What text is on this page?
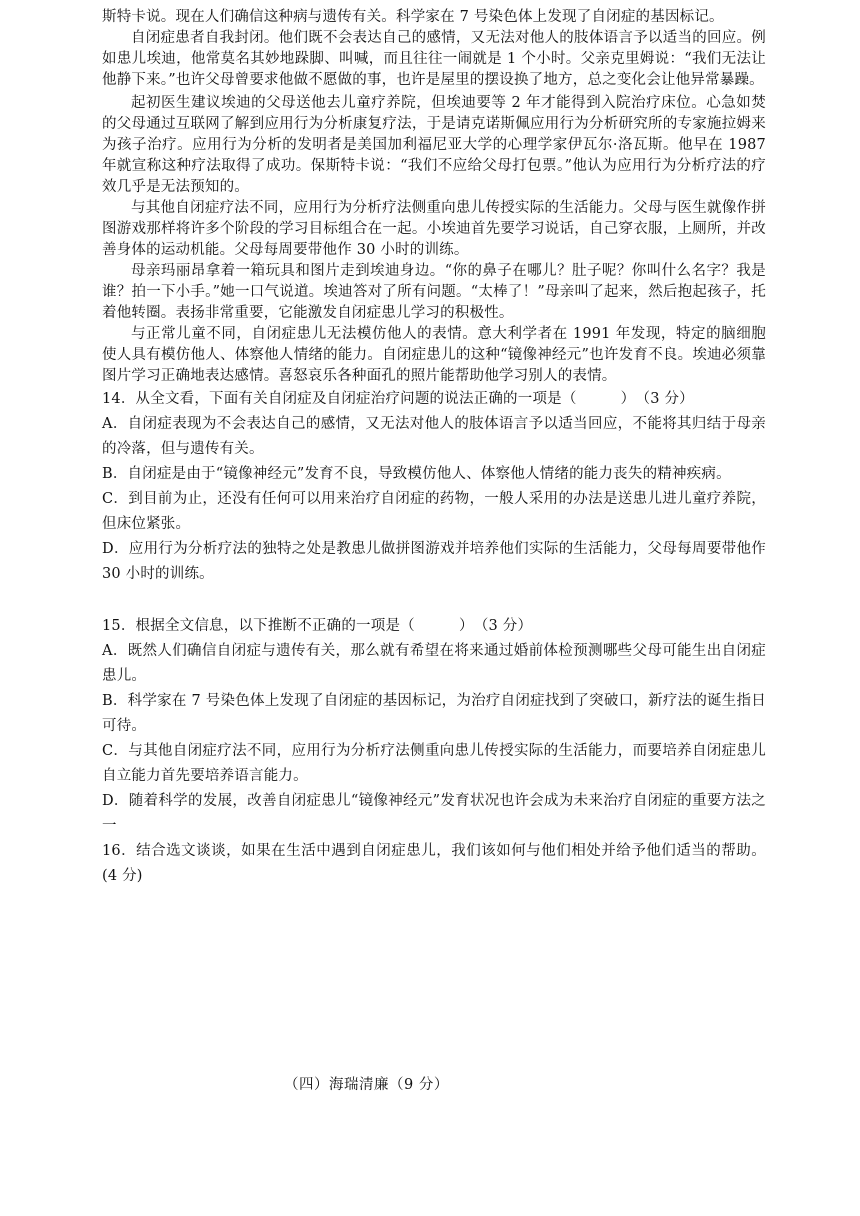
斯特卡说。现在人们确信这种病与遗传有关。科学家在 7 号染色体上发现了自闭症的基因标记。

自闭症患者自我封闭。他们既不会表达自己的感情，又无法对他人的肢体语言予以适当的回应。例如患儿埃迪，他常莫名其妙地跺脚、叫喊，而且往往一闹就是 1 个小时。父亲克里姆说：“我们无法让他静下来。”也许父母曾要求他做不愿做的事，也许是屋里的摆设换了地方，总之变化会让他异常暴躁。

起初医生建议埃迪的父母送他去儿童疗养院，但埃迪要等 2 年才能得到入院治疗床位。心急如焚的父母通过互联网了解到应用行为分析康复疗法，于是请克诺斯佩应用行为分析研究所的专家施拉姆来为孩子治疗。应用行为分析的发明者是美国加利福尼亚大学的心理学家伊瓦尔·洛瓦斯。他早在 1987 年就宣称这种疗法取得了成功。保斯特卡说：“我们不应给父母打包票。”他认为应用行为分析疗法的疗效几乎是无法预知的。

与其他自闭症疗法不同，应用行为分析疗法侧重向患儿传授实际的生活能力。父母与医生就像作拼图游戏那样将许多个阶段的学习目标组合在一起。小埃迪首先要学习说话，自己穿衣服，上厕所，并改善身体的运动机能。父母每周要带他作 30 小时的训练。

母亲玛丽昂拿着一箱玩具和图片走到埃迪身边。“你的鼻子在哪儿？肚子呢？你叫什么名字？我是谁？拍一下小手。”她一口气说道。埃迪答对了所有问题。“太棒了！”母亲叫了起来，然后抱起孩子，托着他转圈。表扬非常重要，它能激发自闭症患儿学习的积极性。

与正常儿童不同，自闭症患儿无法模仿他人的表情。意大利学者在 1991 年发现，特定的脑细胞使人具有模仿他人、体察他人情绪的能力。自闭症患儿的这种“镜像神经元”也许发育不良。埃迪必须靠图片学习正确地表达感情。喜怒哀乐各种面孔的照片能帮助他学习别人的表情。

14．从全文看，下面有关自闭症及自闭症治疗问题的说法正确的一项是（　　　）　（3 分）

A．自闭症表现为不会表达自己的感情，又无法对他人的肢体语言予以适当回应，不能将其归结于母亲的冷落，但与遗传有关。

B．自闭症是由于“镜像神经元”发育不良，导致模仿他人、体察他人情绪的能力丧失的精神疾病。

C．到目前为止，还没有任何可以用来治疗自闭症的药物，一般人采用的办法是送患儿进儿童疗养院，但床位紧张。

D．应用行为分析疗法的独特之处是教患儿做拼图游戏并培养他们实际的生活能力，父母每周要带他作 30 小时的训练。

15．根据全文信息，以下推断不正确的一项是（　　　）　（3 分）

A．既然人们确信自闭症与遗传有关，那么就有希望在将来通过婚前体检预测哪些父母可能生出自闭症患儿。

B．科学家在 7 号染色体上发现了自闭症的基因标记，为治疗自闭症找到了突破口，新疗法的诞生指日可待。

C．与其他自闭症疗法不同，应用行为分析疗法侧重向患儿传授实际的生活能力，而要培养自闭症患儿自立能力首先要培养语言能力。

D．随着科学的发展，改善自闭症患儿“镜像神经元”发育状况也许会成为未来治疗自闭症的重要方法之一

16．结合选文谈谈，如果在生活中遇到自闭症患儿，我们该如何与他们相处并给予他们适当的帮助。(4 分)

（四）海瑞清廉（9 分）
